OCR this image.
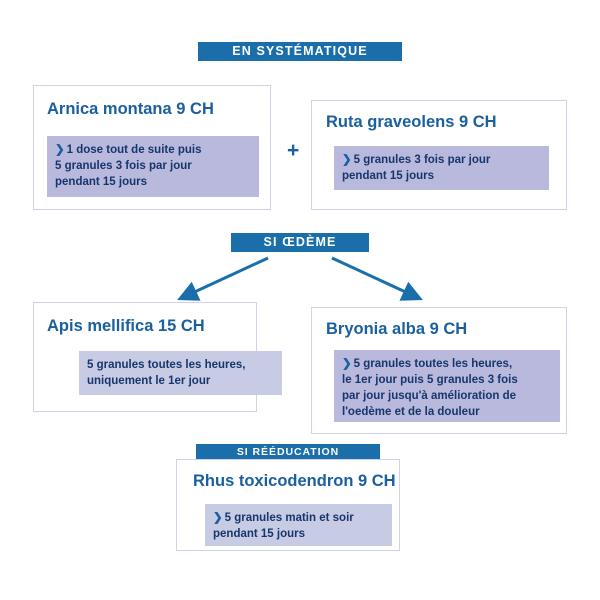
EN SYSTÉMATIQUE
Arnica montana 9 CH
❯ 1 dose tout de suite puis
5 granules 3 fois par jour
pendant 15 jours
+
Ruta graveolens 9 CH
❯ 5 granules 3 fois par jour
pendant 15 jours
SI ŒDÈME
Apis mellifica 15 CH
5 granules toutes les heures,
uniquement le 1er jour
Bryonia alba 9 CH
❯ 5 granules toutes les heures,
le 1er jour puis 5 granules 3 fois
par jour jusqu'à amélioration de
l'oedème et de la douleur
SI RÉÉDUCATION
Rhus toxicodendron 9 CH
❯ 5 granules matin et soir
pendant 15 jours
